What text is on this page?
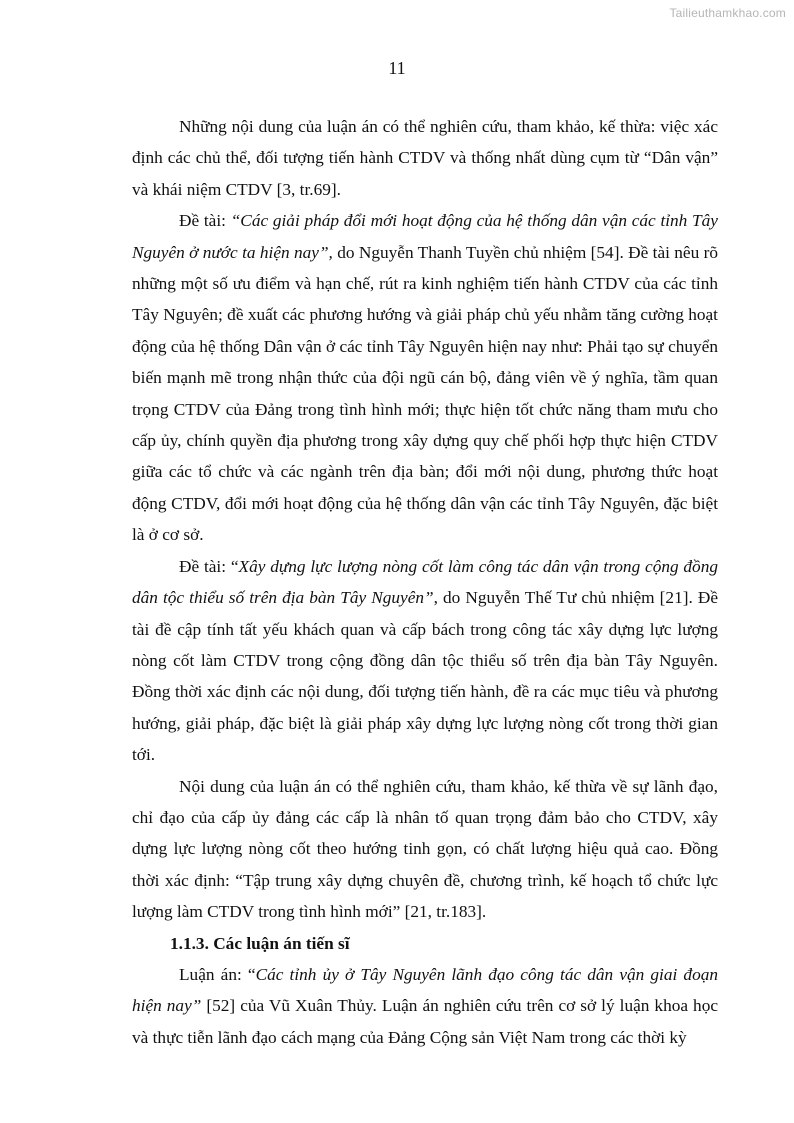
Tailieuthamkhao.com
11

Những nội dung của luận án có thể nghiên cứu, tham khảo, kế thừa: việc xác định các chủ thể, đối tượng tiến hành CTDV và thống nhất dùng cụm từ “Dân vận” và khái niệm CTDV [3, tr.69].

Đề tài: “Các giải pháp đổi mới hoạt động của hệ thống dân vận các tỉnh Tây Nguyên ở nước ta hiện nay”, do Nguyễn Thanh Tuyền chủ nhiệm [54]. Đề tài nêu rõ những một số ưu điểm và hạn chế, rút ra kinh nghiệm tiến hành CTDV của các tỉnh Tây Nguyên; đề xuất các phương hướng và giải pháp chủ yếu nhằm tăng cường hoạt động của hệ thống Dân vận ở các tỉnh Tây Nguyên hiện nay như: Phải tạo sự chuyển biến mạnh mẽ trong nhận thức của đội ngũ cán bộ, đảng viên về ý nghĩa, tầm quan trọng CTDV của Đảng trong tình hình mới; thực hiện tốt chức năng tham mưu cho cấp ủy, chính quyền địa phương trong xây dựng quy chế phối hợp thực hiện CTDV giữa các tổ chức và các ngành trên địa bàn; đổi mới nội dung, phương thức hoạt động CTDV, đổi mới hoạt động của hệ thống dân vận các tỉnh Tây Nguyên, đặc biệt là ở cơ sở.

Đề tài: “Xây dựng lực lượng nòng cốt làm công tác dân vận trong cộng đồng dân tộc thiểu số trên địa bàn Tây Nguyên”, do Nguyễn Thế Tư chủ nhiệm [21]. Đề tài đề cập tính tất yếu khách quan và cấp bách trong công tác xây dựng lực lượng nòng cốt làm CTDV trong cộng đồng dân tộc thiểu số trên địa bàn Tây Nguyên. Đồng thời xác định các nội dung, đối tượng tiến hành, đề ra các mục tiêu và phương hướng, giải pháp, đặc biệt là giải pháp xây dựng lực lượng nòng cốt trong thời gian tới.

Nội dung của luận án có thể nghiên cứu, tham khảo, kế thừa về sự lãnh đạo, chỉ đạo của cấp ủy đảng các cấp là nhân tố quan trọng đảm bảo cho CTDV, xây dựng lực lượng nòng cốt theo hướng tinh gọn, có chất lượng hiệu quả cao. Đồng thời xác định: “Tập trung xây dựng chuyên đề, chương trình, kế hoạch tổ chức lực lượng làm CTDV trong tình hình mới” [21, tr.183].

1.1.3. Các luận án tiến sĩ

Luận án: “Các tỉnh ủy ở Tây Nguyên lãnh đạo công tác dân vận giai đoạn hiện nay” [52] của Vũ Xuân Thủy. Luận án nghiên cứu trên cơ sở lý luận khoa học và thực tiễn lãnh đạo cách mạng của Đảng Cộng sản Việt Nam trong các thời kỳ
